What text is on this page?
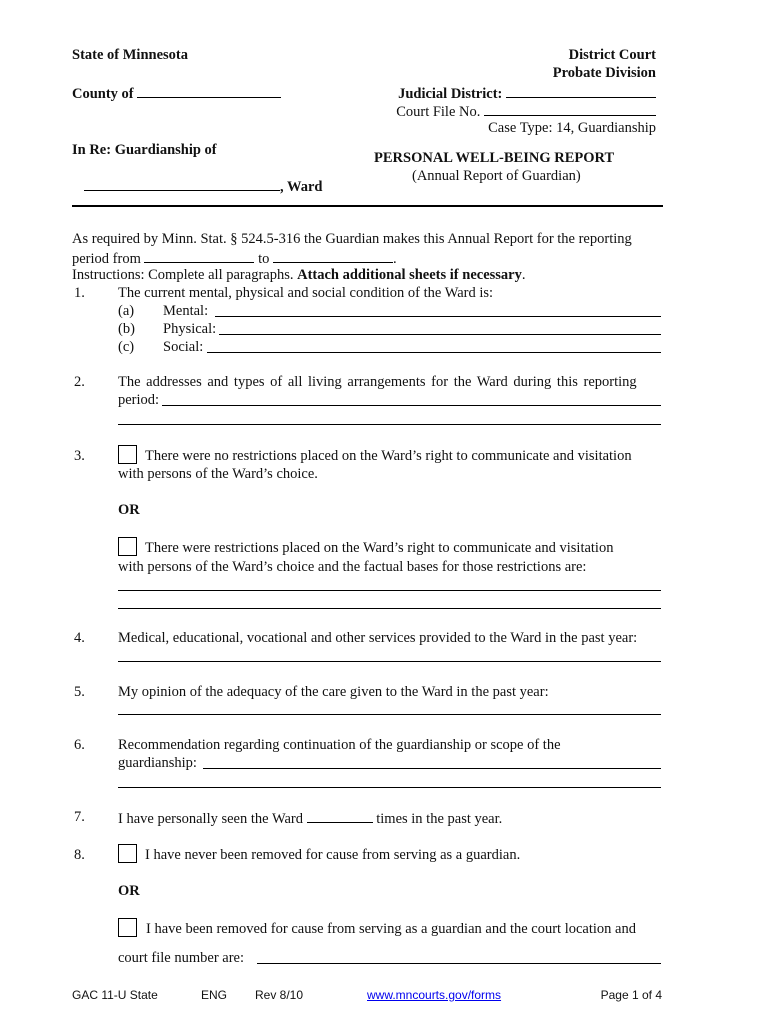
State of Minnesota
County of
In Re: Guardianship of
, Ward
District Court
Probate Division
Judicial District:
Court File No.
Case Type: 14, Guardianship
PERSONAL WELL-BEING REPORT
(Annual Report of Guardian)
As required by Minn. Stat. § 524.5-316 the Guardian makes this Annual Report for the reporting
period from	to	.
Instructions: Complete all paragraphs. Attach additional sheets if necessary.
1. The current mental, physical and social condition of the Ward is:
(a) Mental:
(b) Physical:
(c) Social:
2. The addresses and types of all living arrangements for the Ward during this reporting
period:
3.	There were no restrictions placed on the Ward’s right to communicate and visitation
with persons of the Ward’s choice.
OR
There were restrictions placed on the Ward’s right to communicate and visitation
with persons of the Ward’s choice and the factual bases for those restrictions are:
4. Medical, educational, vocational and other services provided to the Ward in the past year:
5. My opinion of the adequacy of the care given to the Ward in the past year:
6. Recommendation regarding continuation of the guardianship or scope of the
guardianship:
7. I have personally seen the Ward	times in the past year.
8.	I have never been removed for cause from serving as a guardian.
OR
I have been removed for cause from serving as a guardian and the court location and
court file number are:
GAC 11-U State	ENG Rev 8/10	www.mncourts.gov/forms	Page 1 of 4
